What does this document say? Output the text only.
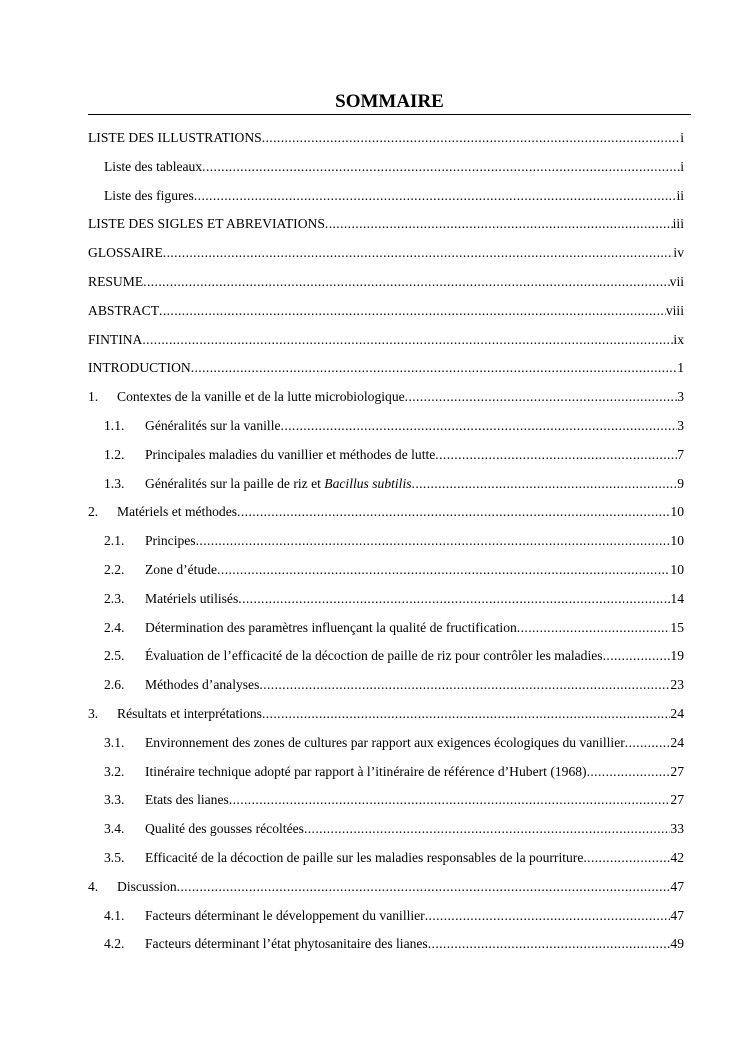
SOMMAIRE
LISTE DES ILLUSTRATIONS .....	i
Liste des tableaux .....	i
Liste des figures .....	ii
LISTE DES SIGLES ET ABREVIATIONS .....	iii
GLOSSAIRE .....	iv
RESUME .....	vii
ABSTRACT .....	viii
FINTINA .....	ix
INTRODUCTION .....	1
1.	Contextes de la vanille et de la lutte microbiologique .....	3
1.1.	Généralités sur la vanille .....	3
1.2.	Principales maladies du vanillier et méthodes de lutte .....	7
1.3.	Généralités sur la paille de riz et Bacillus subtilis .....	9
2.	Matériels et méthodes .....	10
2.1.	Principes .....	10
2.2.	Zone d’étude .....	10
2.3.	Matériels utilisés .....	14
2.4.	Détermination des paramètres influençant la qualité de fructification .....	15
2.5.	Évaluation de l’efficacité de la décoction de paille de riz pour contrôler les maladies .....	19
2.6.	Méthodes d’analyses .....	23
3.	Résultats et interprétations .....	24
3.1.	Environnement des zones de cultures par rapport aux exigences écologiques du vanillier .....	24
3.2.	Itinéraire technique adopté par rapport à l’itinéraire de référence d’Hubert (1968) .....	27
3.3.	Etats des lianes .....	27
3.4.	Qualité des gousses récoltées .....	33
3.5.	Efficacité de la décoction de paille sur les maladies responsables de la pourriture .....	42
4.	Discussion .....	47
4.1.	Facteurs déterminant le développement du vanillier .....	47
4.2.	Facteurs déterminant l’état phytosanitaire des lianes .....	49
